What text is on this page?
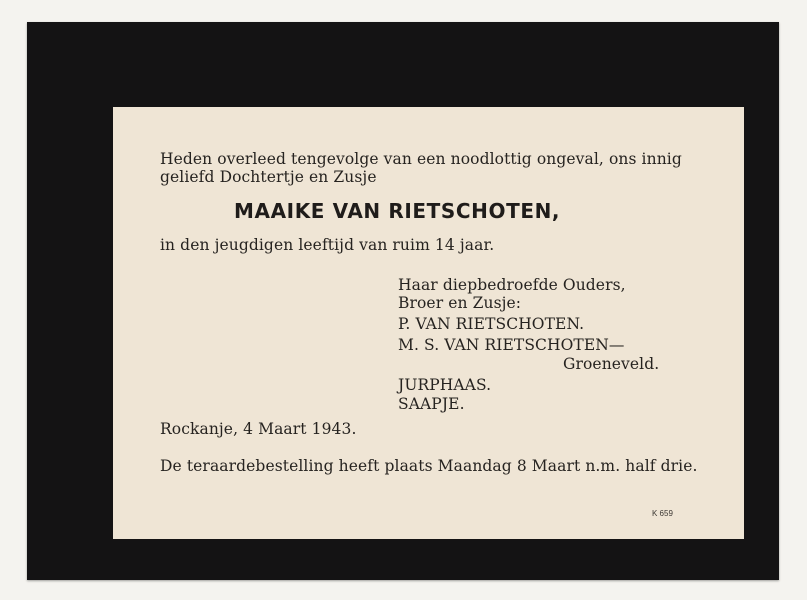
Heden overleed tengevolge van een noodlottig ongeval, ons innig
geliefd Dochtertje en Zusje
MAAIKE VAN RIETSCHOTEN,
in den jeugdigen leeftijd van ruim 14 jaar.
Haar diepbedroefde Ouders,
Broer en Zusje:
P. VAN RIETSCHOTEN.
M. S. VAN RIETSCHOTEN—
Groeneveld.
JURPHAAS.
SAAPJE.
Rockanje, 4 Maart 1943.
De teraardebestelling heeft plaats Maandag 8 Maart n.m. half drie.
K 659
